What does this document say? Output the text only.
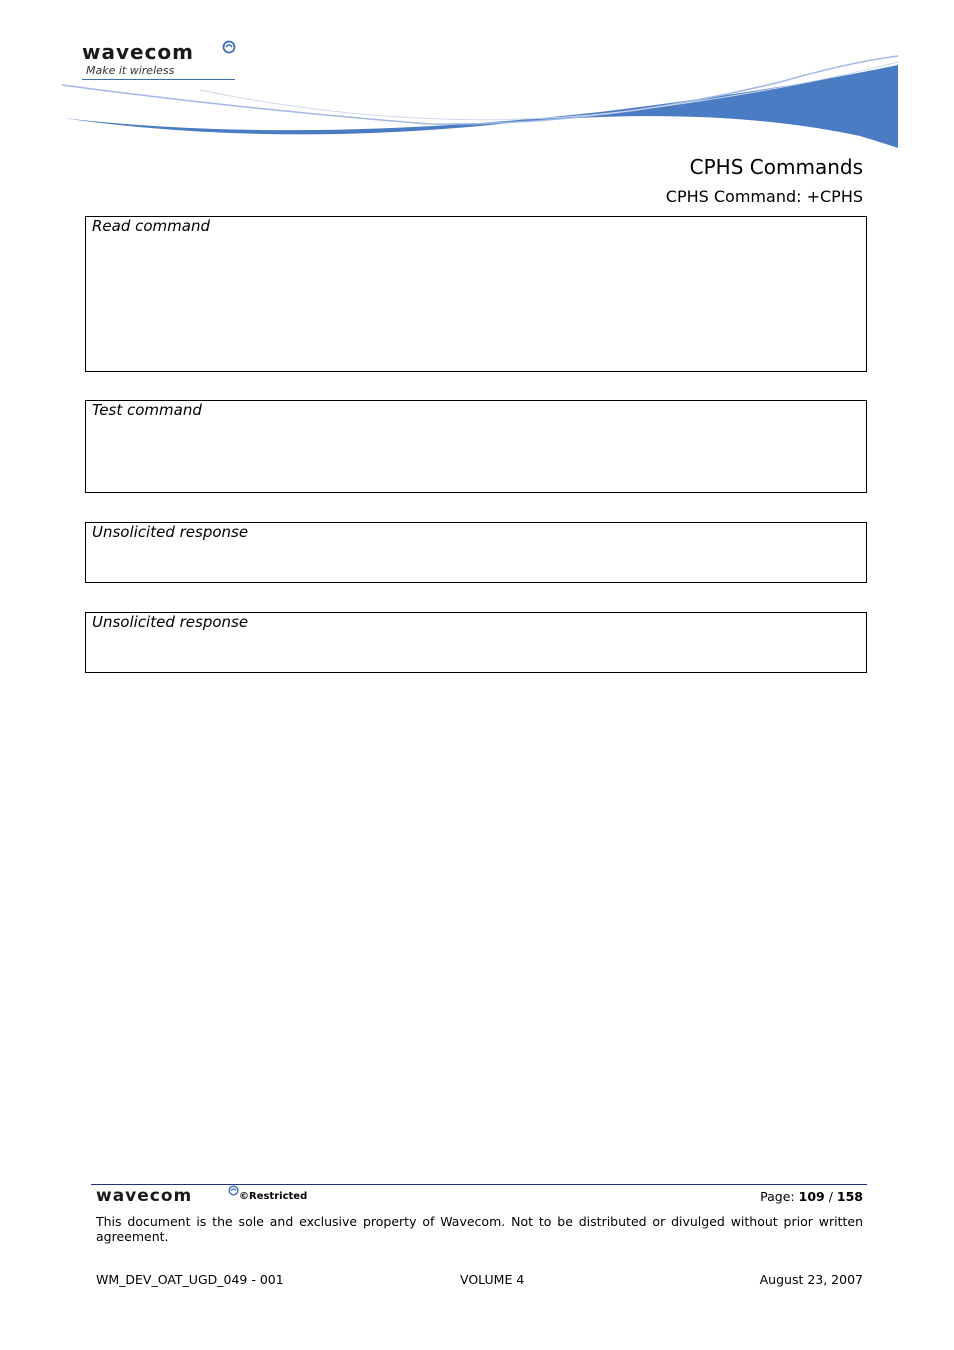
wavecom
Make it wireless
CPHS Commands
CPHS Command: +CPHS
Read command
Test command
Unsolicited response
Unsolicited response
wavecom	©Restricted	Page: 109 / 158
This document is the sole and exclusive property of Wavecom. Not to be distributed or divulged without prior written agreement.
WM_DEV_OAT_UGD_049 - 001	VOLUME 4	August 23, 2007
